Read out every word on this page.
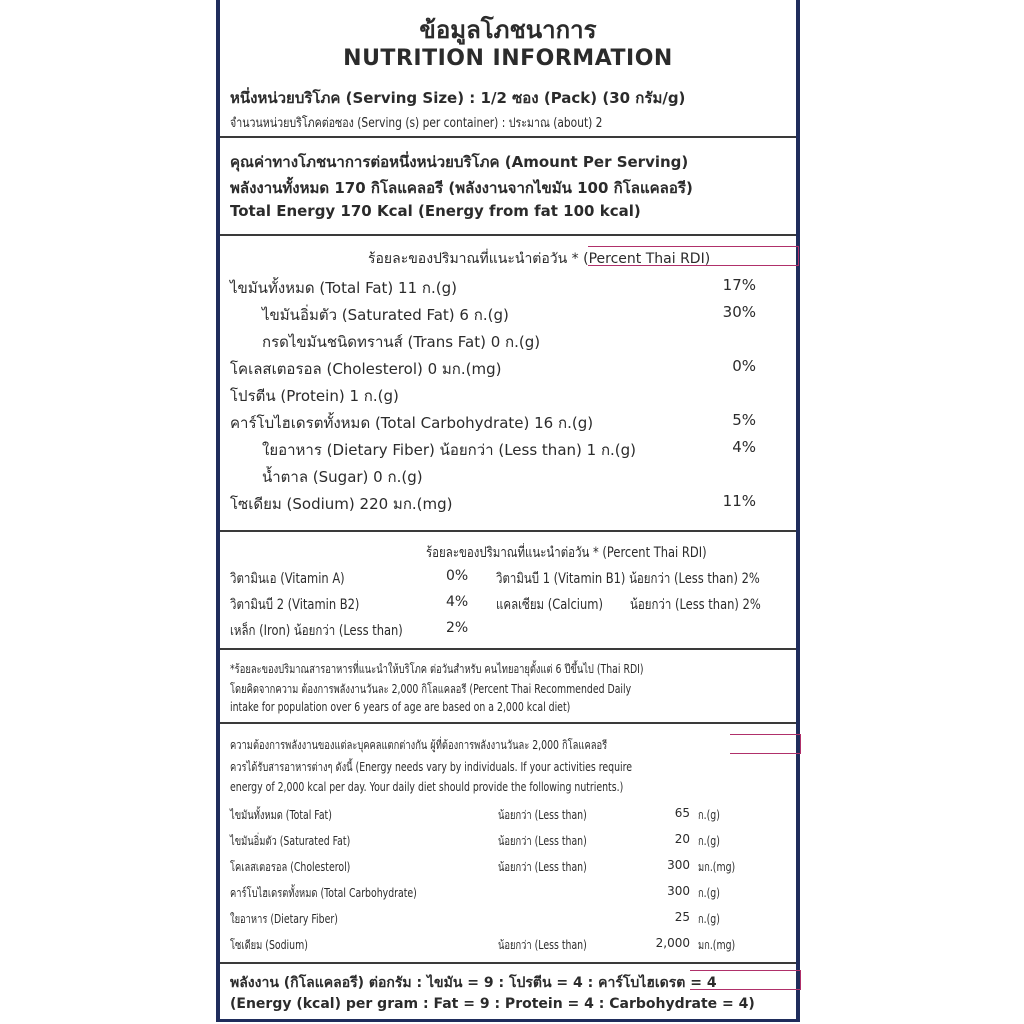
ข้อมูลโภชนาการ
NUTRITION INFORMATION
หนึ่งหน่วยบริโภค (Serving Size) : 1/2 ซอง (Pack) (30 กรัม/g)
จำนวนหน่วยบริโภคต่อซอง (Serving (s) per container) : ประมาณ (about) 2
คุณค่าทางโภชนาการต่อหนึ่งหน่วยบริโภค (Amount Per Serving)
พลังงานทั้งหมด 170 กิโลแคลอรี (พลังงานจากไขมัน 100 กิโลแคลอรี)
Total Energy 170 Kcal (Energy from fat 100 kcal)
ร้อยละของปริมาณที่แนะนำต่อวัน * (Percent Thai RDI)
ไขมันทั้งหมด (Total Fat) 11 ก.(g)	17%
ไขมันอิ่มตัว (Saturated Fat) 6 ก.(g)	30%
กรดไขมันชนิดทรานส์ (Trans Fat) 0 ก.(g)
โคเลสเตอรอล (Cholesterol) 0 มก.(mg)	0%
โปรตีน (Protein) 1 ก.(g)
คาร์โบไฮเดรตทั้งหมด (Total Carbohydrate) 16 ก.(g)	5%
ใยอาหาร (Dietary Fiber) น้อยกว่า (Less than) 1 ก.(g)	4%
น้ำตาล (Sugar) 0 ก.(g)
โซเดียม (Sodium) 220 มก.(mg)	11%
ร้อยละของปริมาณที่แนะนำต่อวัน * (Percent Thai RDI)
วิตามินเอ (Vitamin A)	0% วิตามินบี 1 (Vitamin B1) น้อยกว่า (Less than) 2%
วิตามินบี 2 (Vitamin B2)	4% แคลเซียม (Calcium) น้อยกว่า (Less than) 2%
เหล็ก (Iron) น้อยกว่า (Less than)	2%
*ร้อยละของปริมาณสารอาหารที่แนะนำให้บริโภค ต่อวันสำหรับ คนไทยอายุตั้งแต่ 6 ปีขึ้นไป (Thai RDI)
โดยคิดจากความ ต้องการพลังงานวันละ 2,000 กิโลแคลอรี (Percent Thai Recommended Daily
intake for population over 6 years of age are based on a 2,000 kcal diet)
ความต้องการพลังงานของแต่ละบุคคลแตกต่างกัน ผู้ที่ต้องการพลังงานวันละ 2,000 กิโลแคลอรี
ควรได้รับสารอาหารต่างๆ ดังนี้ (Energy needs vary by individuals. If your activities require
energy of 2,000 kcal per day. Your daily diet should provide the following nutrients.)
ไขมันทั้งหมด (Total Fat)	น้อยกว่า (Less than)	65 ก.(g)
ไขมันอิ่มตัว (Saturated Fat)	น้อยกว่า (Less than)	20 ก.(g)
โคเลสเตอรอล (Cholesterol)	น้อยกว่า (Less than)	300 มก.(mg)
คาร์โบไฮเดรตทั้งหมด (Total Carbohydrate)	300 ก.(g)
ใยอาหาร (Dietary Fiber)	25 ก.(g)
โซเดียม (Sodium)	น้อยกว่า (Less than)	2,000 มก.(mg)
พลังงาน (กิโลแคลอรี) ต่อกรัม : ไขมัน = 9 : โปรตีน = 4 : คาร์โบไฮเดรต = 4
(Energy (kcal) per gram : Fat = 9 : Protein = 4 : Carbohydrate = 4)
